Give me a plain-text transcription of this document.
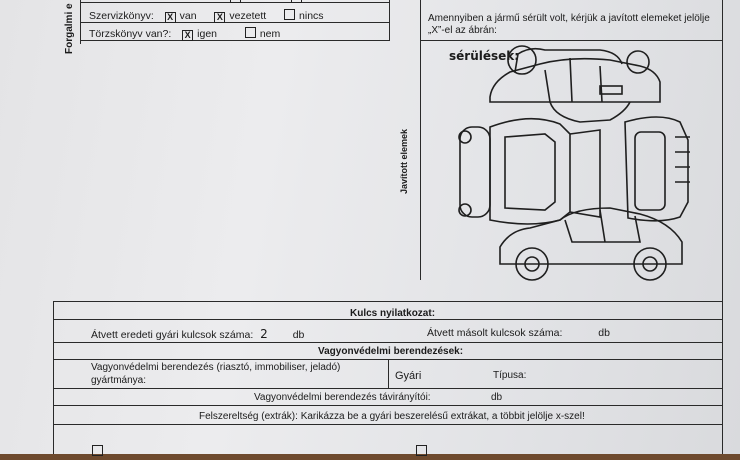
Forgalmi e
Szervizkönyv: X van X vezetett	nincs
Törzskönyv van?: X igen	nem
Amennyiben a jármű sérült volt, kérjük a javított elemeket jelölje
„X”-el az ábrán:
sérülések:
Javított elemek
Kulcs nyilatkozat:
Átvett eredeti gyári kulcsok száma: 2 db	Átvett másolt kulcsok száma:	db
Vagyonvédelmi berendezések:
Vagyonvédelmi berendezés (riasztó, immobiliser, jeladó)
gyártmánya:	Gyári	Típusa:
Vagyonvédelmi berendezés távirányítói:	db
Felszereltség (extrák): Karikázza be a gyári beszerelésű extrákat, a többit jelölje x-szel!
